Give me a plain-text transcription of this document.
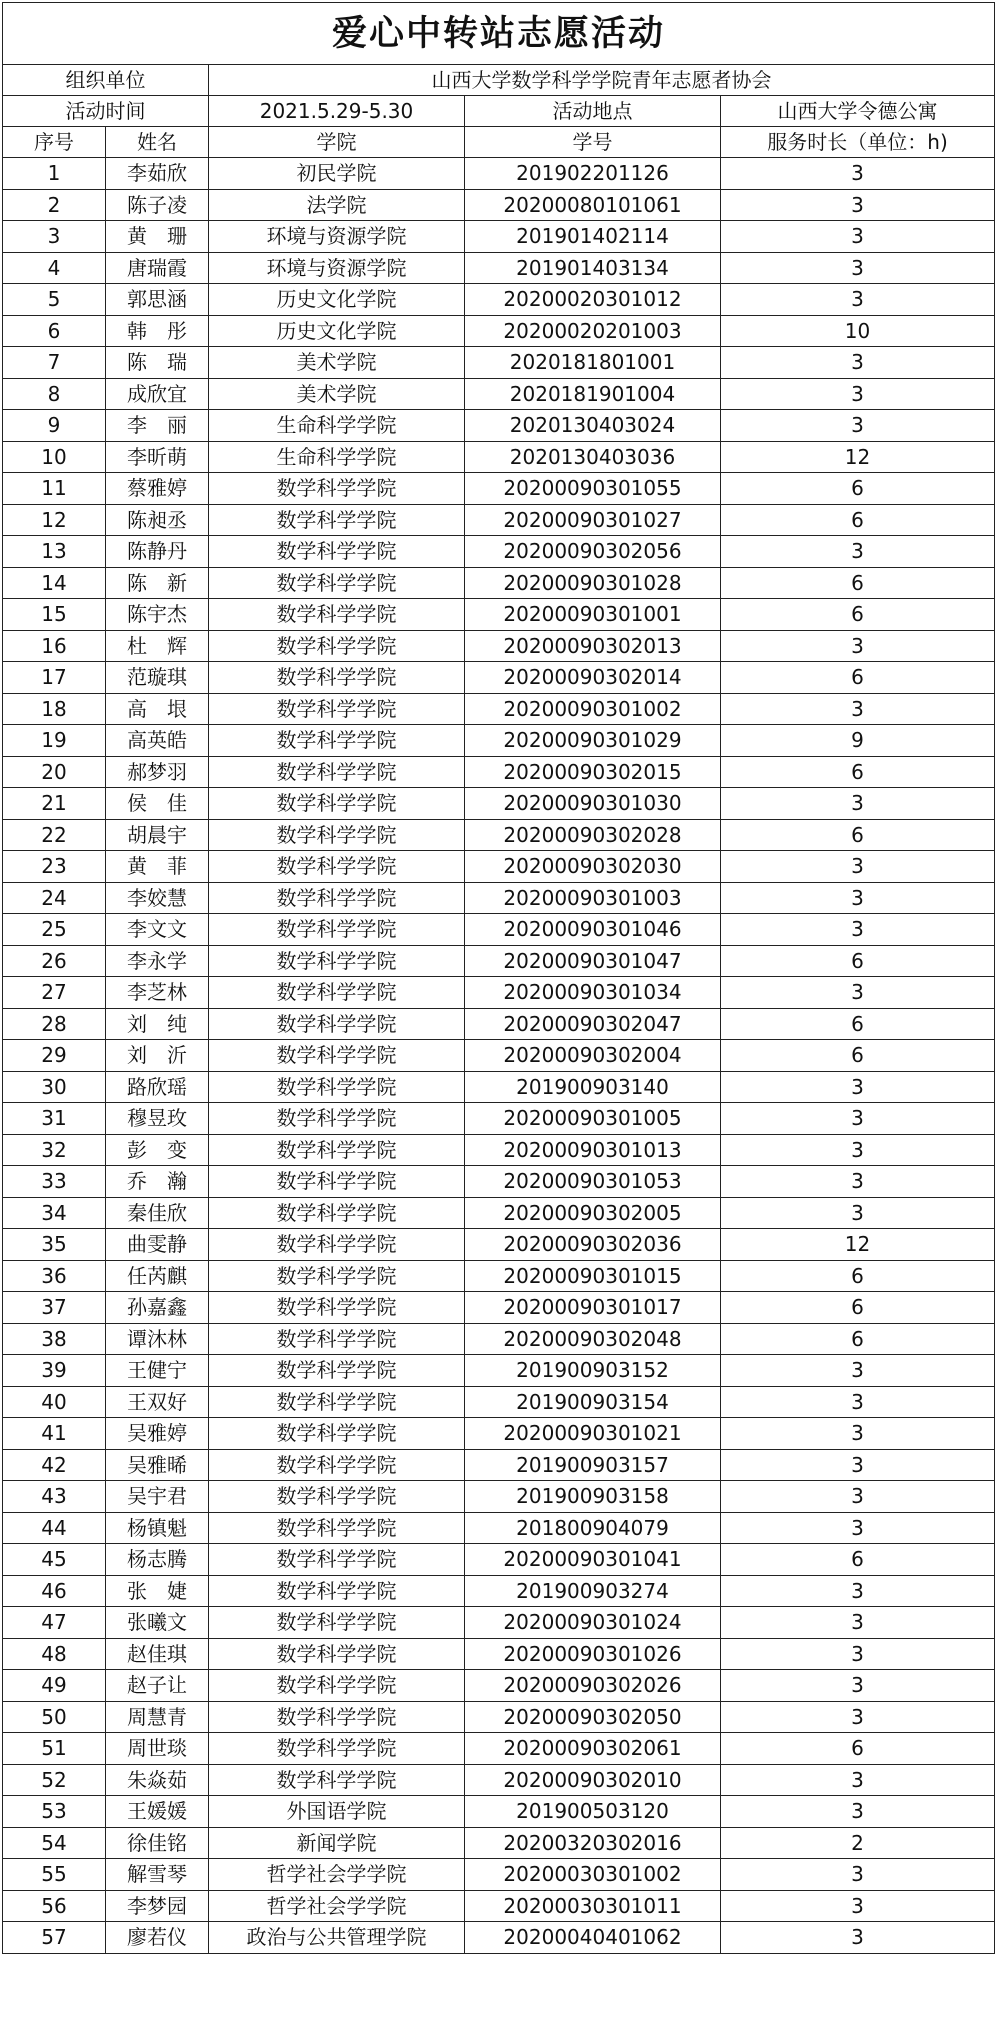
爱心中转站志愿活动				
组织单位		山西大学数学科学学院青年志愿者协会		
活动时间		2021.5.29-5.30	活动地点	山西大学令德公寓
序号	姓名	学院	学号	服务时长（单位：h)
1	李茹欣	初民学院	201902201126	3
2	陈子凌	法学院	20200080101061	3
3	黄　珊	环境与资源学院	201901402114	3
4	唐瑞霞	环境与资源学院	201901403134	3
5	郭思涵	历史文化学院	20200020301012	3
6	韩　彤	历史文化学院	20200020201003	10
7	陈　瑞	美术学院	2020181801001	3
8	成欣宜	美术学院	2020181901004	3
9	李　丽	生命科学学院	2020130403024	3
10	李昕萌	生命科学学院	2020130403036	12
11	蔡雅婷	数学科学学院	20200090301055	6
12	陈昶丞	数学科学学院	20200090301027	6
13	陈静丹	数学科学学院	20200090302056	3
14	陈　新	数学科学学院	20200090301028	6
15	陈宇杰	数学科学学院	20200090301001	6
16	杜　辉	数学科学学院	20200090302013	3
17	范璇琪	数学科学学院	20200090302014	6
18	高　垠	数学科学学院	20200090301002	3
19	高英皓	数学科学学院	20200090301029	9
20	郝梦羽	数学科学学院	20200090302015	6
21	侯　佳	数学科学学院	20200090301030	3
22	胡晨宇	数学科学学院	20200090302028	6
23	黄　菲	数学科学学院	20200090302030	3
24	李姣慧	数学科学学院	20200090301003	3
25	李文文	数学科学学院	20200090301046	3
26	李永学	数学科学学院	20200090301047	6
27	李芝林	数学科学学院	20200090301034	3
28	刘　纯	数学科学学院	20200090302047	6
29	刘　沂	数学科学学院	20200090302004	6
30	路欣瑶	数学科学学院	201900903140	3
31	穆昱玫	数学科学学院	20200090301005	3
32	彭　变	数学科学学院	20200090301013	3
33	乔　瀚	数学科学学院	20200090301053	3
34	秦佳欣	数学科学学院	20200090302005	3
35	曲雯静	数学科学学院	20200090302036	12
36	任芮麒	数学科学学院	20200090301015	6
37	孙嘉鑫	数学科学学院	20200090301017	6
38	谭沐林	数学科学学院	20200090302048	6
39	王健宁	数学科学学院	201900903152	3
40	王双好	数学科学学院	201900903154	3
41	吴雅婷	数学科学学院	20200090301021	3
42	吴雅晞	数学科学学院	201900903157	3
43	吴宇君	数学科学学院	201900903158	3
44	杨镇魁	数学科学学院	201800904079	3
45	杨志腾	数学科学学院	20200090301041	6
46	张　婕	数学科学学院	201900903274	3
47	张曦文	数学科学学院	20200090301024	3
48	赵佳琪	数学科学学院	20200090301026	3
49	赵子让	数学科学学院	20200090302026	3
50	周慧青	数学科学学院	20200090302050	3
51	周世琰	数学科学学院	20200090302061	6
52	朱焱茹	数学科学学院	20200090302010	3
53	王媛媛	外国语学院	201900503120	3
54	徐佳铭	新闻学院	20200320302016	2
55	解雪琴	哲学社会学学院	20200030301002	3
56	李梦园	哲学社会学学院	20200030301011	3
57	廖若仪	政治与公共管理学院	20200040401062	3
